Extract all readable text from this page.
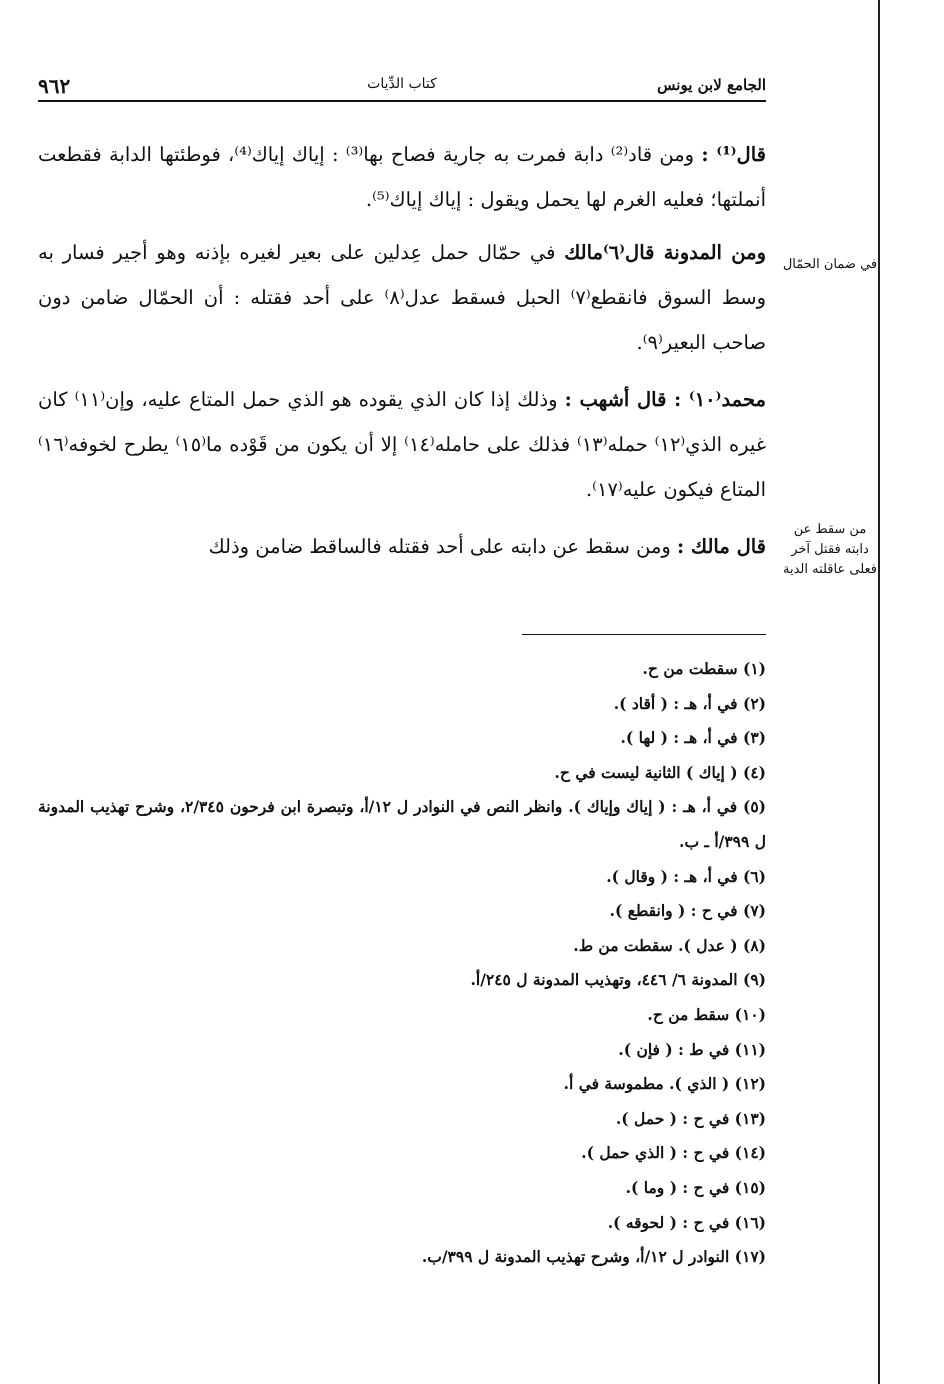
الجامع لابن يونس
كتاب الدِّيات
٩٦٢

قال⁽¹⁾ : ومن قاد⁽²⁾ دابة فمرت به جارية فصاح بها⁽³⁾ : إياك إياك⁽⁴⁾، فوطئتها الدابة فقطعت أنملتها؛ فعليه الغرم لها يحمل ويقول : إياك إياك⁽⁵⁾.

ومن المدونة قال⁽٦⁾مالك في حمّال حمل عِدلين على بعير لغيره بإذنه وهو أجير فسار به وسط السوق فانقطع⁽٧⁾ الحبل فسقط عدل⁽٨⁾ على أحد فقتله : أن الحمّال ضامن دون صاحب البعير⁽٩⁾.

محمد⁽١٠⁾ : قال أشهب : وذلك إذا كان الذي يقوده هو الذي حمل المتاع عليه، وإن⁽١١⁾ كان غيره الذي⁽١٢⁾ حمله⁽١٣⁾ فذلك على حامله⁽١٤⁾ إلا أن يكون من قَوْده ما⁽١٥⁾ يطرح لخوفه⁽١٦⁾ المتاع فيكون عليه⁽١٧⁾.

قال مالك : ومن سقط عن دابته على أحد فقتله فالساقط ضامن وذلك

في ضمان الحمّال
من سقط عن دابته فقتل آخر فعلى عاقلته الدية
(١) سقطت من ح.
(٢) في أ، هـ : ( أقاد ).
(٣) في أ، هـ : ( لها ).
(٤) ( إياك ) الثانية ليست في ح.
(٥) في أ، هـ : ( إياك وإياك ). وانظر النص في النوادر ل ١٢/أ، وتبصرة ابن فرحون ٢/٣٤٥، وشرح تهذيب المدونة ل ٣٩٩/أ ـ ب.
(٦) في أ، هـ : ( وقال ).
(٧) في ح : ( وانقطع ).
(٨) ( عدل ). سقطت من ط.
(٩) المدونة ٦/ ٤٤٦، وتهذيب المدونة ل ٢٤٥/أ.
(١٠) سقط من ح.
(١١) في ط : ( فإن ).
(١٢) ( الذي ). مطموسة في أ.
(١٣) في ح : ( حمل ).
(١٤) في ح : ( الذي حمل ).
(١٥) في ح : ( وما ).
(١٦) في ح : ( لحوقه ).
(١٧) النوادر ل ١٢/أ، وشرح تهذيب المدونة ل ٣٩٩/ب.
